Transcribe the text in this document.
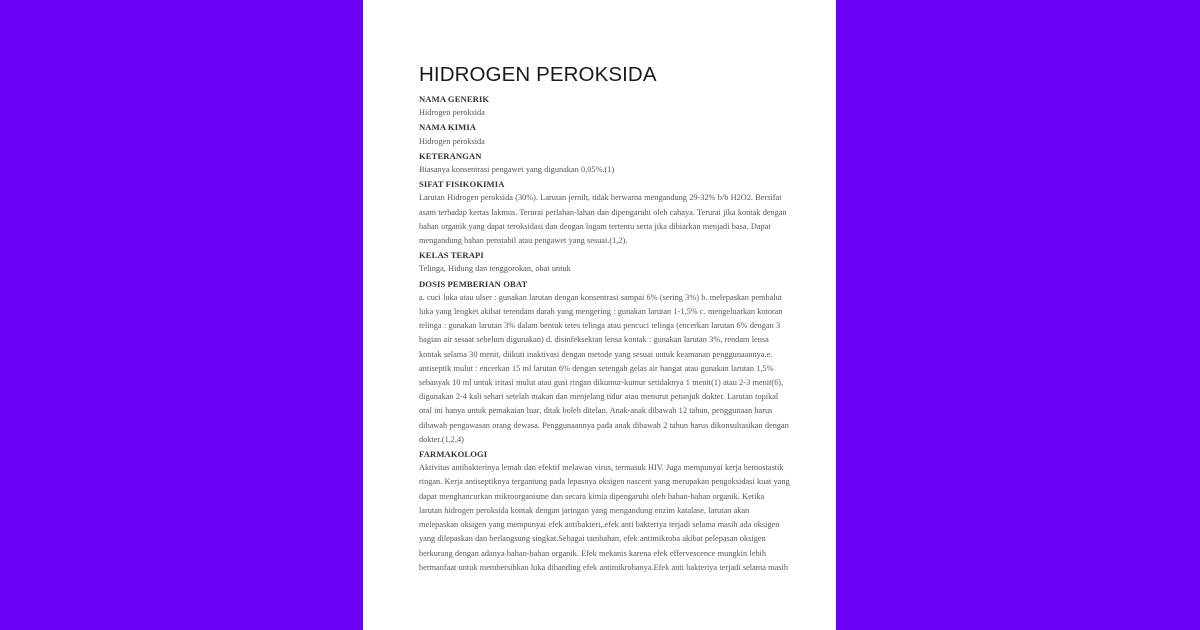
HIDROGEN PEROKSIDA

NAMA GENERIK

Hidrogen peroksida

NAMA KIMIA

Hidrogen peroksida

KETERANGAN

Biasanya konsentrasi pengawet yang digunakan 0,05%.(1)

SIFAT FISIKOKIMIA

Larutan Hidrogen peroksida (30%). Larutan jernih, tidak berwarna mengandung 29-32% b/b H2O2. Bersifat
asam terhadap kertas lakmus. Terurai perlahan-lahan dan dipengaruhi oleh cahaya. Terurai jika kontak dengan
bahan organik yang dapat teroksidasi dan dengan logam tertentu serta jika dibiarkan menjadi basa. Dapat
mengandung bahan penstabil atau pengawet yang sesuai.(1,2).

KELAS TERAPI

Telinga, Hidung dan tenggorokan, obat untuk

DOSIS PEMBERIAN OBAT

a. cuci luka atau ulser : gunakan larutan dengan konsentrasi sampai 6% (sering 3%) b. melepaskan pembalut
luka yang lengket akibat terendam darah yang mengering : gunakan larutan 1-1,5% c. mengeluarkan kotoran
telinga : gunakan larutan 3% dalam bentuk tetes telinga atau pencuci telinga (encerkan larutan 6% dengan 3
bagian air sesaat sebelum digunakan) d. disinfeksektan lensa kontak : gunakan larutan 3%, rendam lensa
kontak selama 30 menit, diikuti inaktivasi dengan metode yang sesuai untuk keamanan penggunaannya.e.
antiseptik mulut : encerkan 15 ml larutan 6% dengan setengah gelas air hangat atau gunakan larutan 1,5%
sebanyak 10 ml untuk iritasi mulut atau gusi ringan dikumur-kumur setidaknya 1 menit(1) atau 2-3 menit(6),
digunakan 2-4 kali sehari setelah makan dan menjelang tidur atau menurut petunjuk dokter. Larutan topikal
oral ini hanya untuk pemakaian luar, ditak boleh ditelan. Anak-anak dibawah 12 tahun, penggunaan harus
dibawah pengawasan orang dewasa. Penggunaannya pada anak dibawah 2 tahun harus dikonsultasikan dengan
dokter.(1,2,4)

FARMAKOLOGI

Aktivitas antibakterinya lemah dan efektif melawan virus, termasuk HIV. Juga mempunyai kerja hemostastik
ringan. Kerja antiseptiknya tergantung pada lepasnya oksigen nascent yang merupakan pengoksidasi kuat yang
dapat menghancurkan mikroorganisme dan secara kimia dipengaruhi oleh bahan-bahan organik. Ketika
larutan hidrogen peroksida kontak dengan jaringan yang mengandung enzim katalase, larutan akan
melepaskan oksigen yang mempunyai efek antibakteri,.efek anti bakteriya terjadi selama masih ada oksigen
yang dilepaskan dan berlangsung singkat.Sebagai tambahan, efek antimikroba akibat pelepasan oksigen
berkurang dengan adanya bahan-bahan organik. Efek mekanis karena efek effervescence mungkin lebih
bermanfaat untuk membersihkan luka dibanding efek antimikrobanya.Efek anti bakteriya terjadi selama masih
